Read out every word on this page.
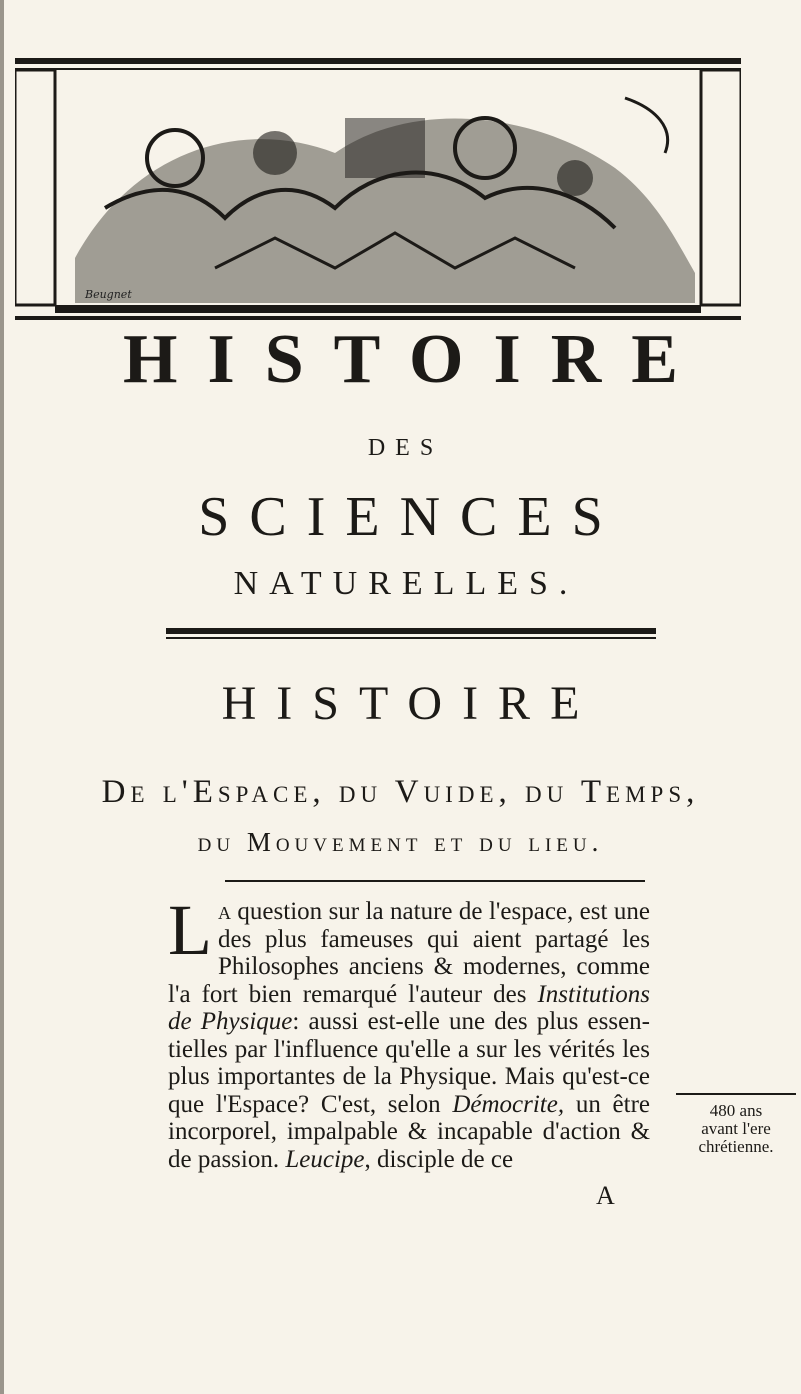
Beugnet
HISTOIRE
DES
SCIENCES
NATURELLES.
HISTOIRE
De l'Espace, du Vuide, du Temps,
du Mouvement et du lieu.

La question sur la nature de l'espace, est une des plus fameuses qui aient partagé les Philosophes anciens & modernes, comme l'a fort bien remarqué l'auteur des Institutions de Physique: aussi est-elle une des plus essen- tielles par l'influence qu'elle a sur les vérités les plus importantes de la Physique. Mais qu'est-ce que l'Espace? C'est, selon Démocrite, un être incorporel, impalpable & incapable d'action & de passion. Leucipe, disciple de ce

A
480 ans
avant l'ere
chrétienne.
